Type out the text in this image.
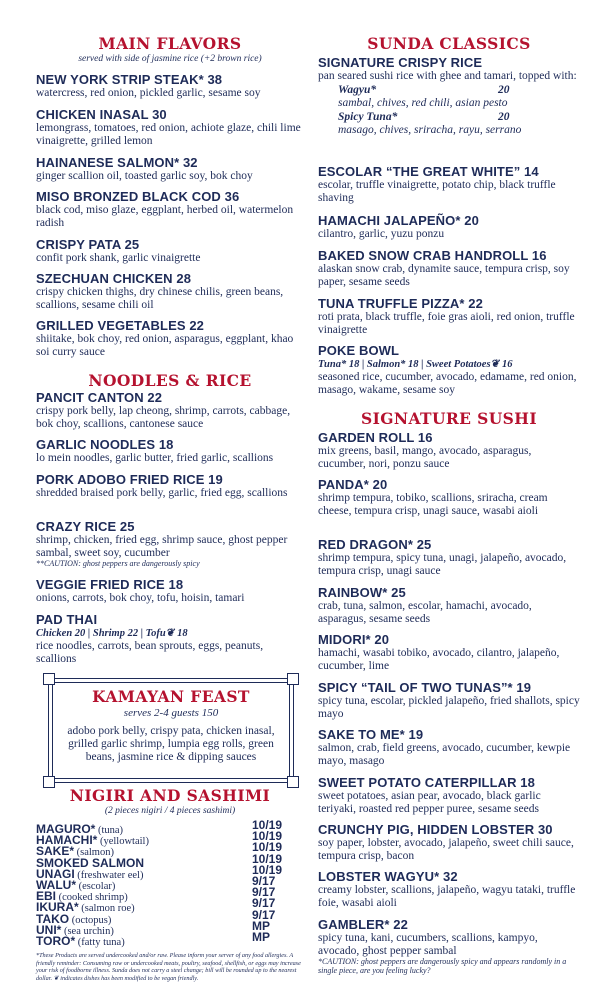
MAIN FLAVORS
served with side of jasmine rice (+2 brown rice)
NEW YORK STRIP STEAK* 38
watercress, red onion, pickled garlic, sesame soy
CHICKEN INASAL 30
lemongrass, tomatoes, red onion, achiote glaze, chili lime vinaigrette, grilled lemon
HAINANESE SALMON* 32
ginger scallion oil, toasted garlic soy, bok choy
MISO BRONZED BLACK COD 36
black cod, miso glaze, eggplant, herbed oil, watermelon radish
CRISPY PATA 25
confit pork shank, garlic vinaigrette
SZECHUAN CHICKEN 28
crispy chicken thighs, dry chinese chilis, green beans, scallions, sesame chili oil
GRILLED VEGETABLES 22
shiitake, bok choy, red onion, asparagus, eggplant, khao soi curry sauce
NOODLES & RICE
PANCIT CANTON 22
crispy pork belly, lap cheong, shrimp, carrots, cabbage, bok choy, scallions, cantonese sauce
GARLIC NOODLES 18
lo mein noodles, garlic butter, fried garlic, scallions
PORK ADOBO FRIED RICE 19
shredded braised pork belly, garlic, fried egg, scallions
CRAZY RICE 25
shrimp, chicken, fried egg, shrimp sauce, ghost pepper sambal, sweet soy, cucumber
**CAUTION: ghost peppers are dangerously spicy
VEGGIE FRIED RICE 18
onions, carrots, bok choy, tofu, hoisin, tamari
PAD THAI
Chicken 20 | Shrimp 22 | Tofu❦ 18
rice noodles, carrots, bean sprouts, eggs, peanuts, scallions
KAMAYAN FEAST
serves 2-4 guests 150
adobo pork belly, crispy pata, chicken inasal, grilled garlic shrimp, lumpia egg rolls, green beans, jasmine rice & dipping sauces
NIGIRI AND SASHIMI
(2 pieces nigiri / 4 pieces sashimi)
MAGURO* (tuna)	10/19
HAMACHI* (yellowtail)	10/19
SAKE* (salmon)	10/19
SMOKED SALMON	10/19
UNAGI (freshwater eel)	10/19
WALU* (escolar)	9/17
EBI (cooked shrimp)	9/17
IKURA* (salmon roe)	9/17
TAKO (octopus)	9/17
UNI* (sea urchin)	MP
TORO* (fatty tuna)	MP
*These Products are served undercooked and/or raw. Please inform your server of any food allergies. A friendly reminder: Consuming raw or undercooked meats, poultry, seafood, shellfish, or eggs may increase your risk of foodborne illness. Sunda does not carry a steel change; bill will be rounded up to the nearest dollar. ❦ indicates dishes has been modified to be vegan friendly.
SUNDA CLASSICS
SIGNATURE CRISPY RICE
pan seared sushi rice with ghee and tamari, topped with:
Wagyu*	20
sambal, chives, red chili, asian pesto
Spicy Tuna*	20
masago, chives, sriracha, rayu, serrano
ESCOLAR “THE GREAT WHITE” 14
escolar, truffle vinaigrette, potato chip, black truffle shaving
HAMACHI JALAPEÑO* 20
cilantro, garlic, yuzu ponzu
BAKED SNOW CRAB HANDROLL 16
alaskan snow crab, dynamite sauce, tempura crisp, soy paper, sesame seeds
TUNA TRUFFLE PIZZA* 22
roti prata, black truffle, foie gras aioli, red onion, truffle vinaigrette
POKE BOWL
Tuna* 18 | Salmon* 18 | Sweet Potatoes❦ 16
seasoned rice, cucumber, avocado, edamame, red onion, masago, wakame, sesame soy
SIGNATURE SUSHI
GARDEN ROLL 16
mix greens, basil, mango, avocado, asparagus, cucumber, nori, ponzu sauce
PANDA* 20
shrimp tempura, tobiko, scallions, sriracha, cream cheese, tempura crisp, unagi sauce, wasabi aioli
RED DRAGON* 25
shrimp tempura, spicy tuna, unagi, jalapeño, avocado, tempura crisp, unagi sauce
RAINBOW* 25
crab, tuna, salmon, escolar, hamachi, avocado, asparagus, sesame seeds
MIDORI* 20
hamachi, wasabi tobiko, avocado, cilantro, jalapeño, cucumber, lime
SPICY “TAIL OF TWO TUNAS”* 19
spicy tuna, escolar, pickled jalapeño, fried shallots, spicy mayo
SAKE TO ME* 19
salmon, crab, field greens, avocado, cucumber, kewpie mayo, masago
SWEET POTATO CATERPILLAR 18
sweet potatoes, asian pear, avocado, black garlic teriyaki, roasted red pepper puree, sesame seeds
CRUNCHY PIG, HIDDEN LOBSTER 30
soy paper, lobster, avocado, jalapeño, sweet chili sauce, tempura crisp, bacon
LOBSTER WAGYU* 32
creamy lobster, scallions, jalapeño, wagyu tataki, truffle foie, wasabi aioli
GAMBLER* 22
spicy tuna, kani, cucumbers, scallions, kampyo, avocado, ghost pepper sambal
*CAUTION: ghost peppers are dangerously spicy and appears randomly in a single piece, are you feeling lucky?
